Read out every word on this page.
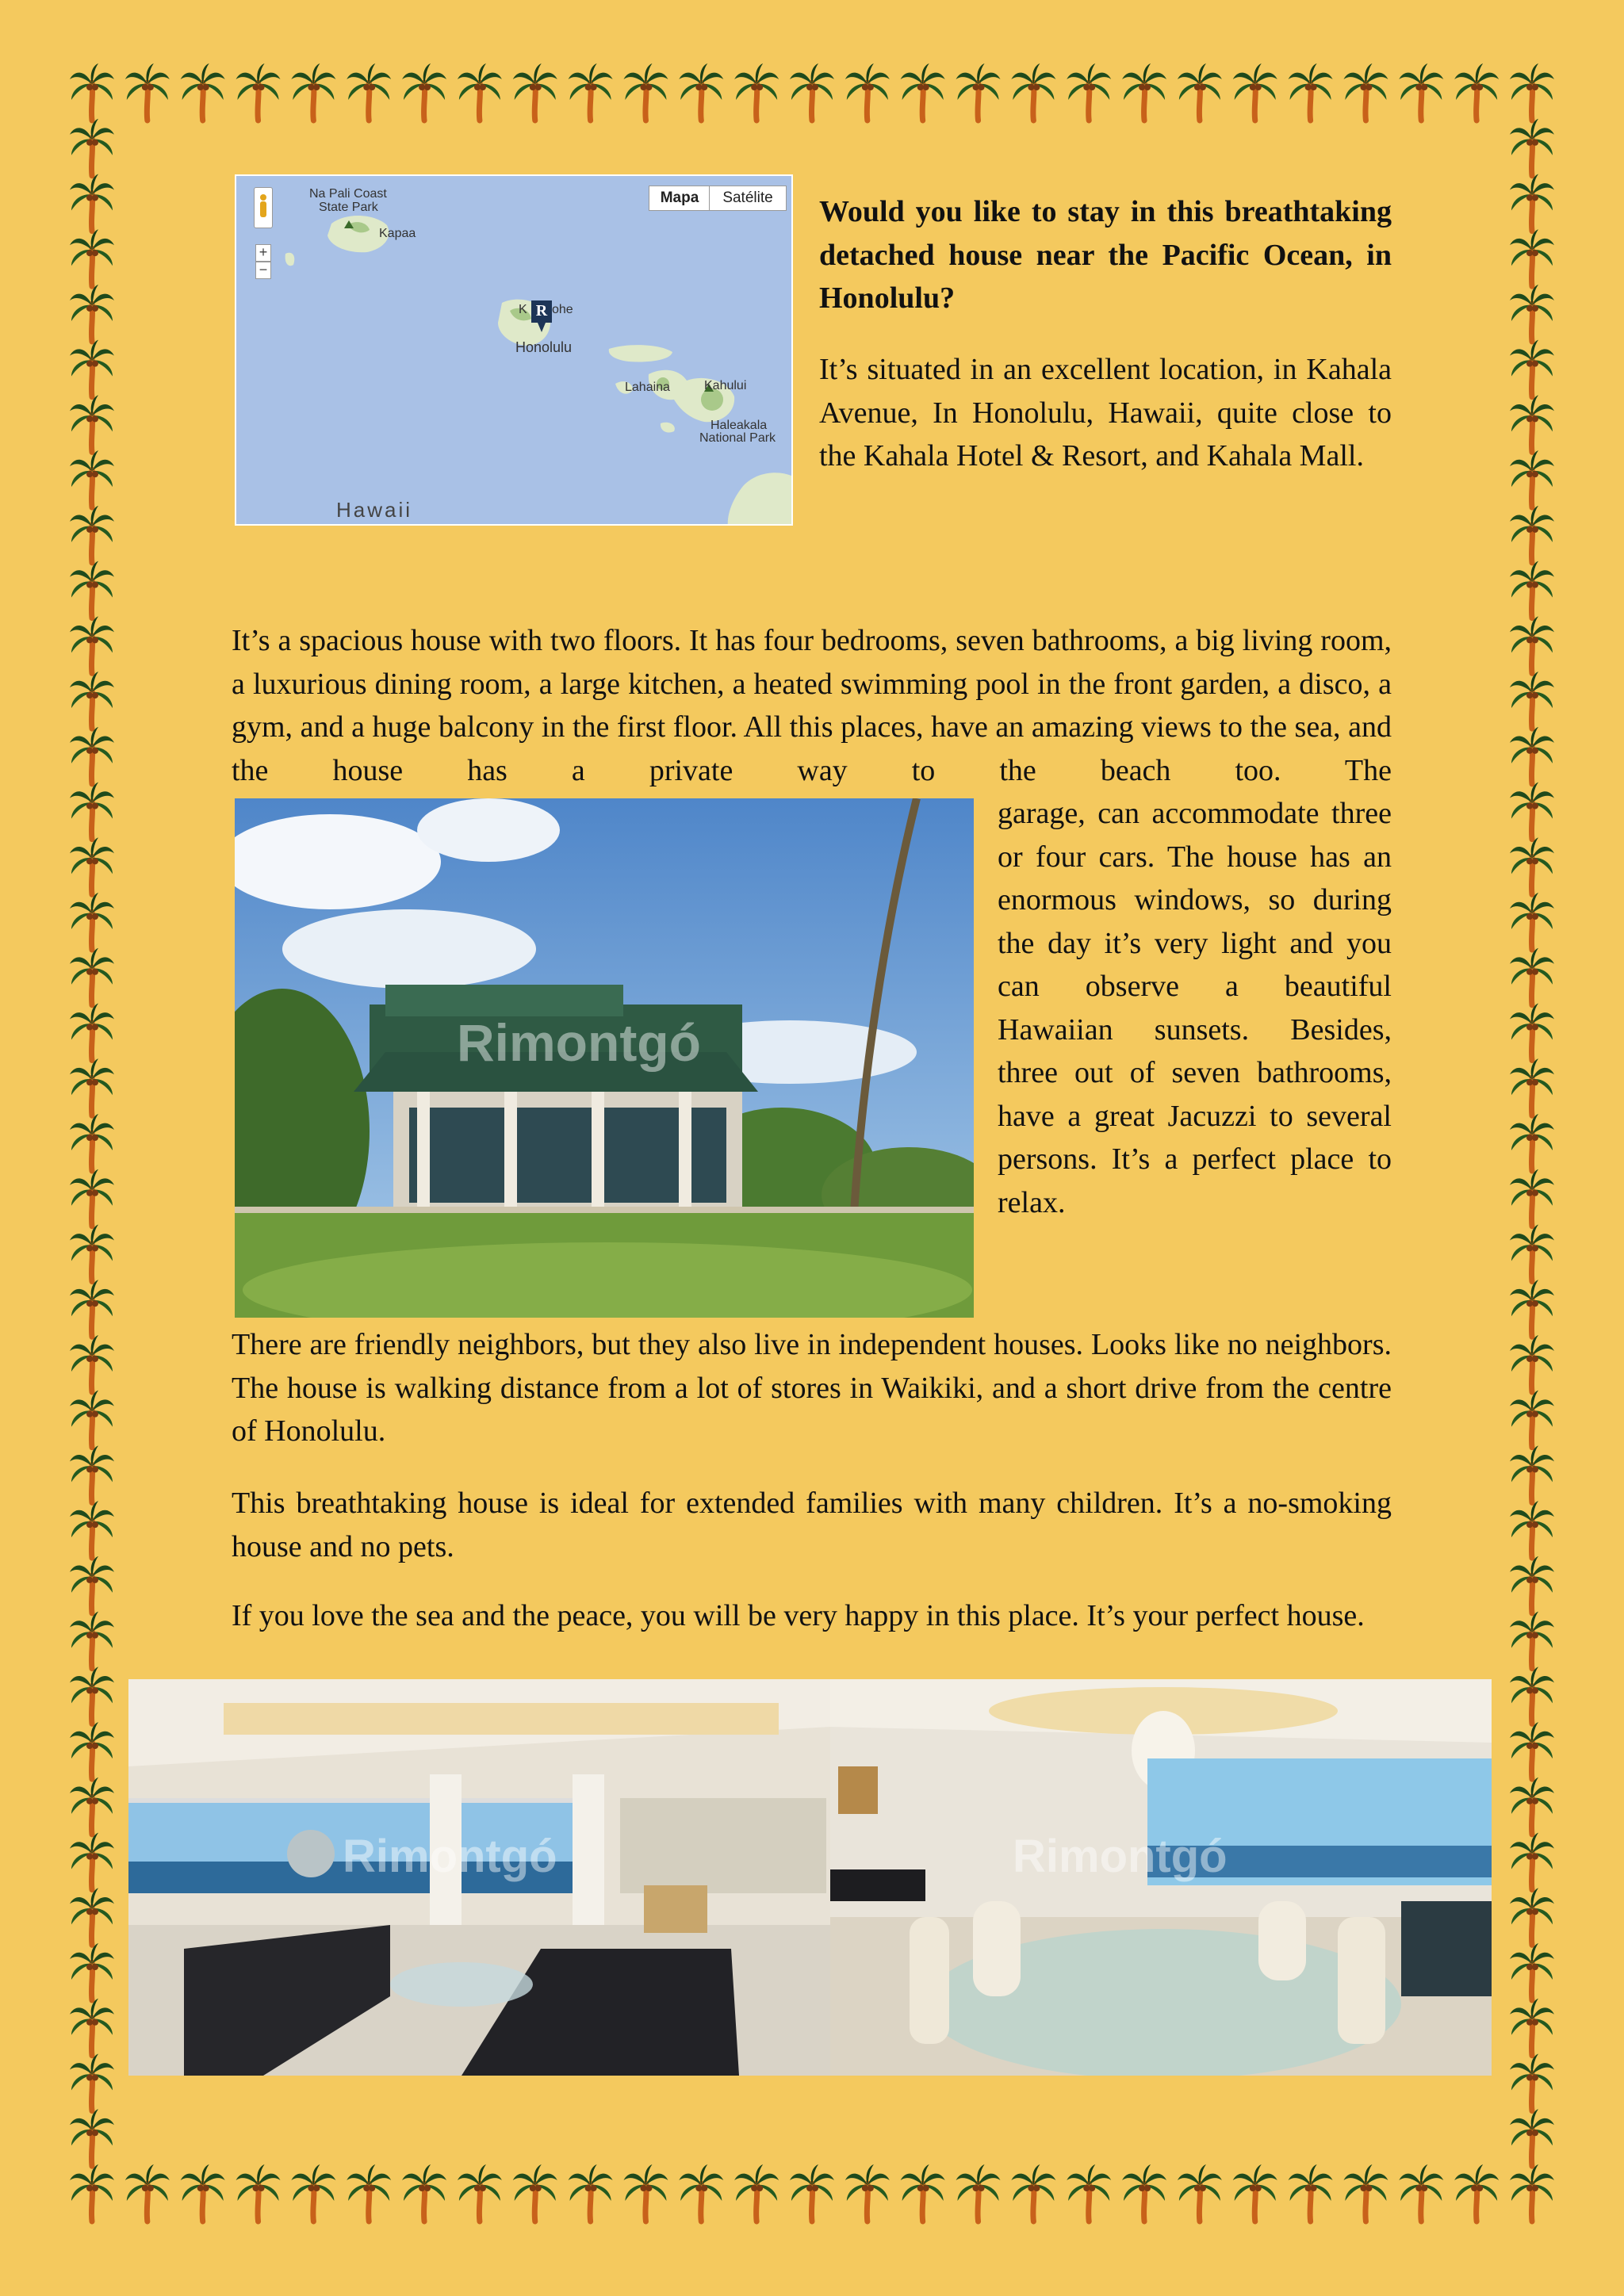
+
−
Mapa	Satélite
Na Pali Coast
State Park
Kapaa
K ohe
Honolulu
Lahaina	Kahului
Haleakala
National Park
Hawaii
R
Would you like to stay in this breathtaking detached house near the Pacific Ocean, in Honolulu?

It’s situated in an excellent location, in Kahala Avenue, In Honolulu, Hawaii, quite close to the Kahala Hotel & Resort, and Kahala Mall.

It’s a spacious house with two floors. It has four bedrooms, seven bathrooms, a big living room, a luxurious dining room, a large kitchen, a heated swimming pool in the front garden, a disco, a gym, and a huge balcony in the first floor. All this places, have an amazing views to the sea, and the house has a private way to the beach too. The

Rimontgó

garage, can accommodate three or four cars. The house has an enormous windows, so during the day it’s very light and you can observe a beautiful Hawaiian sunsets. Besides, three out of seven bathrooms, have a great Jacuzzi to several persons. It’s a perfect place to relax.

There are friendly neighbors, but they also live in independent houses. Looks like no neighbors. The house is walking distance from a lot of stores in Waikiki, and a short drive from the centre of Honolulu.

This breathtaking house is ideal for extended families with many children. It’s a no-smoking house and no pets.

If you love the sea and the peace, you will be very happy in this place. It’s your perfect house.

Rimontgó	Rimontgó
